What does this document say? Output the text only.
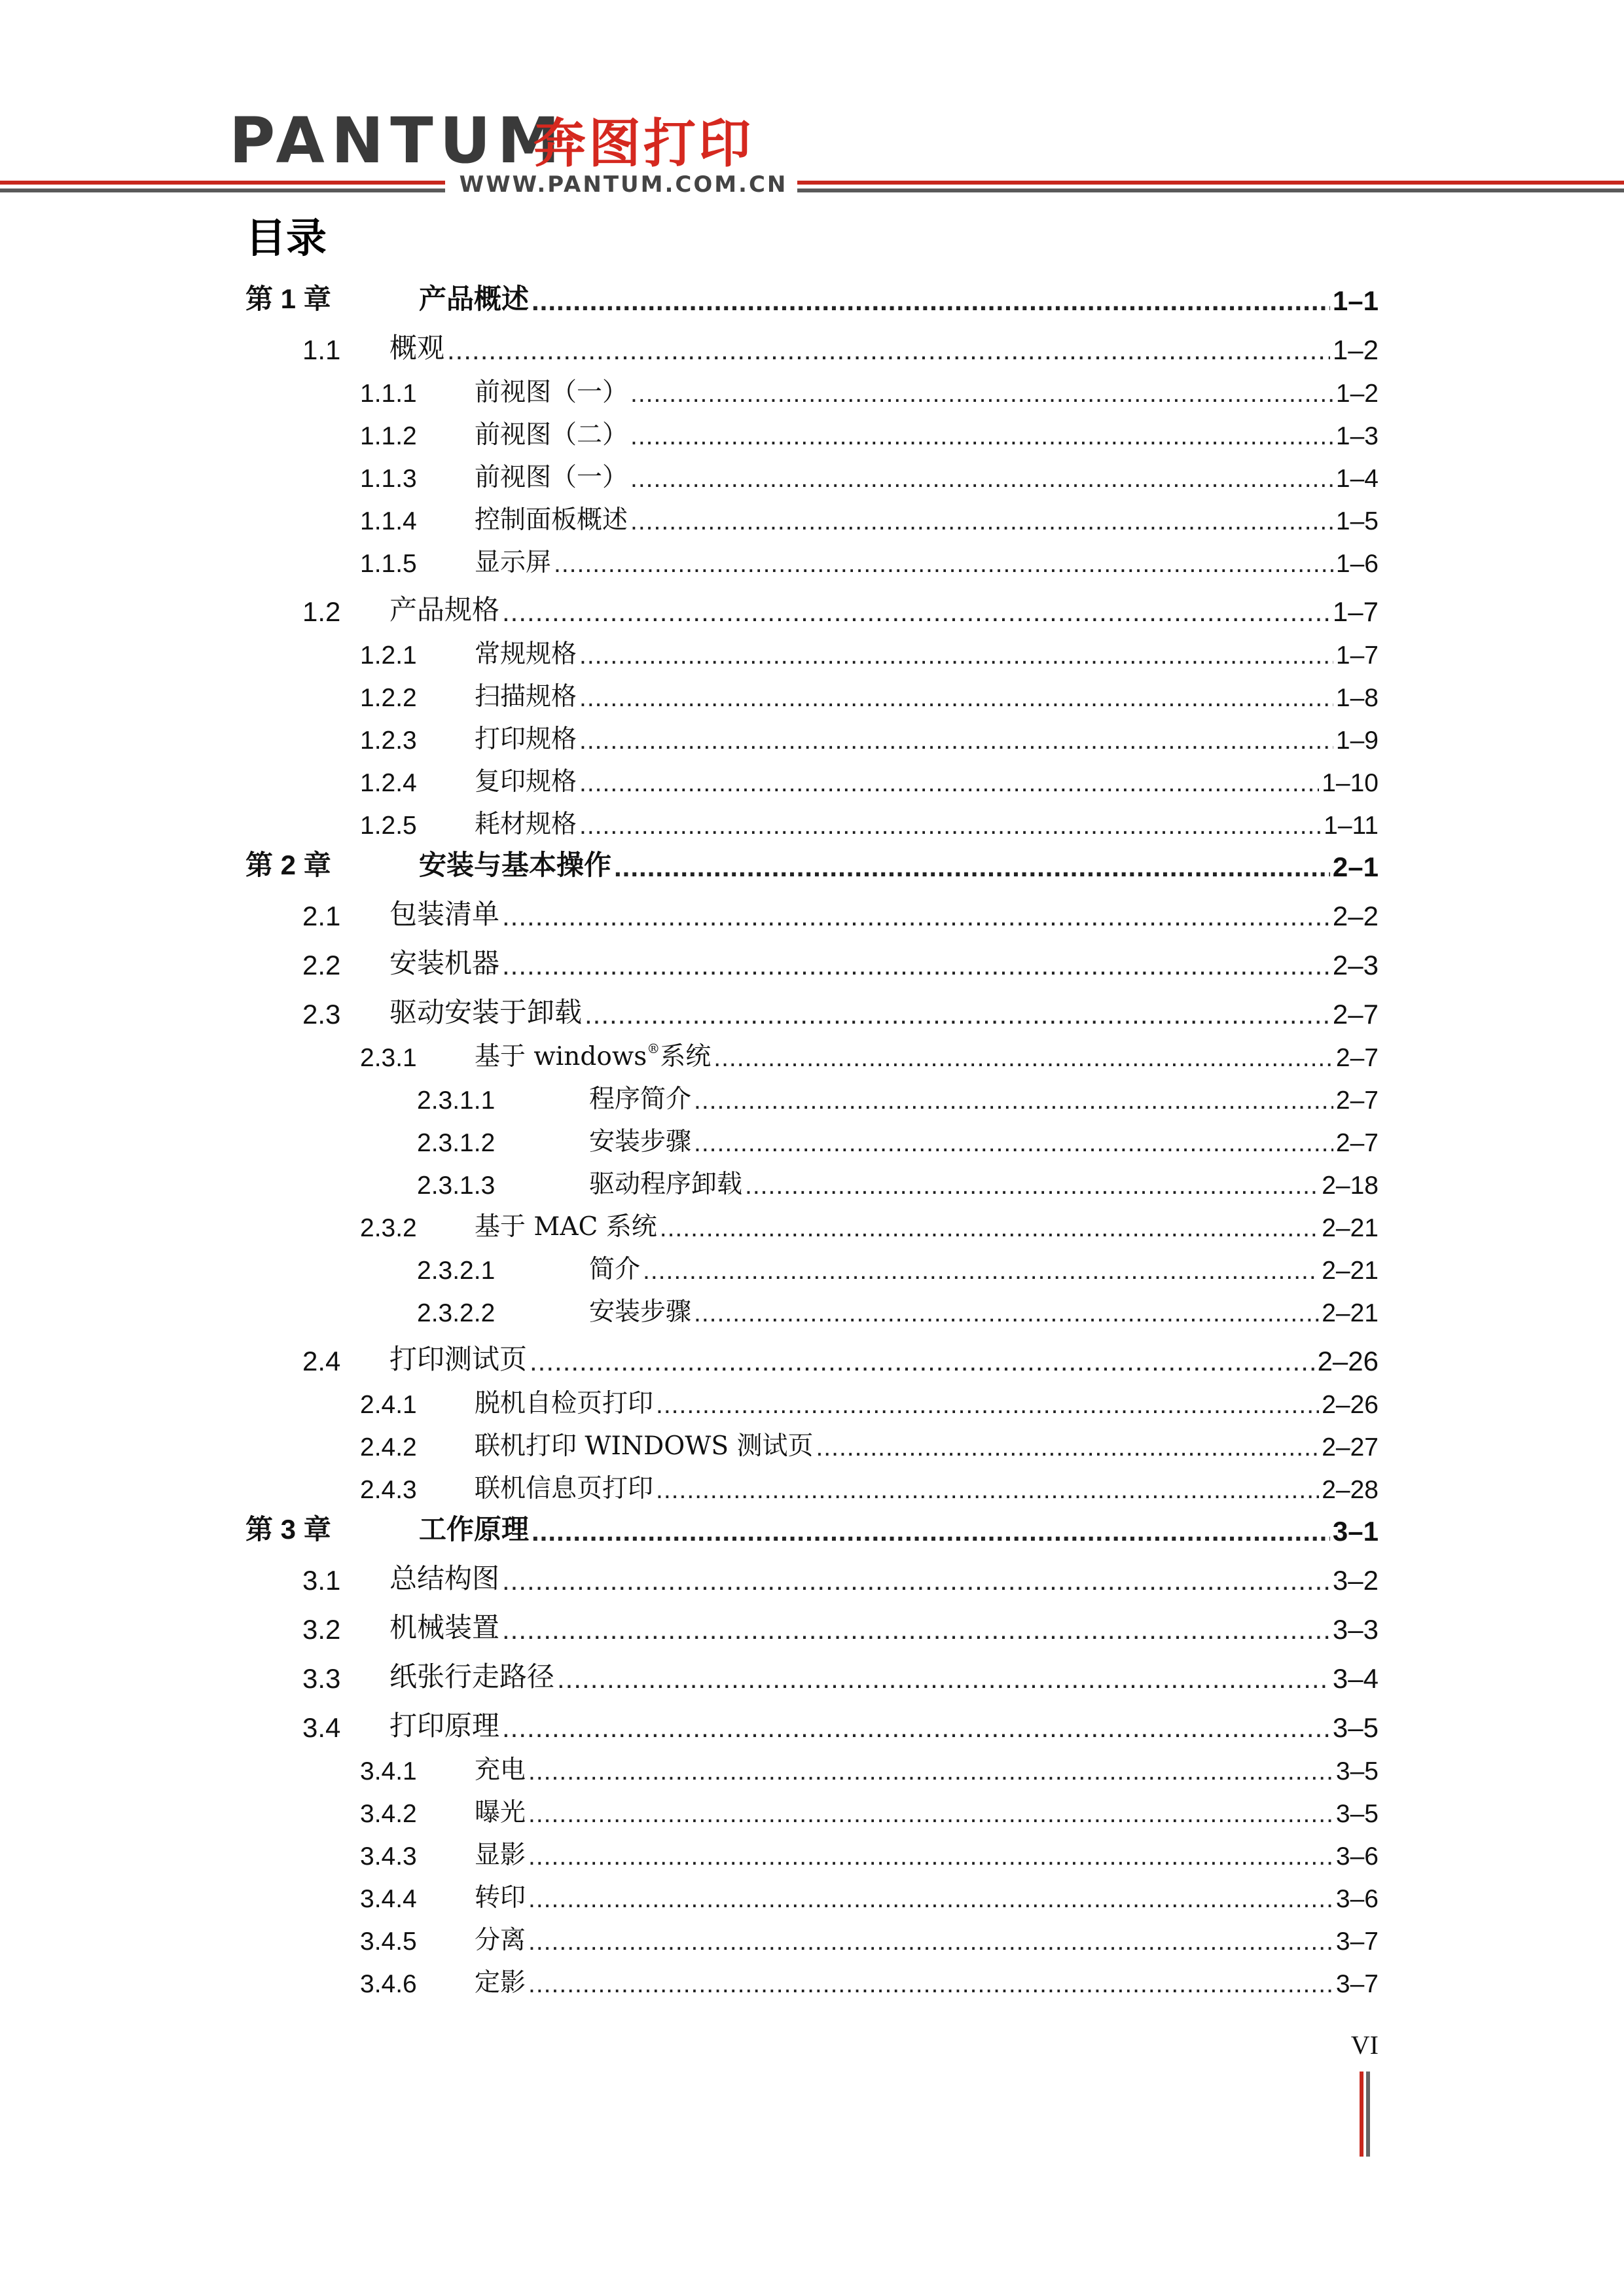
PANTUM
奔图打印
WWW.PANTUM.COM.CN
目录
第 1 章	产品概述 .....	1–1
1.1 概观 .....	1–2
1.1.1 前视图（一） .....	1–2
1.1.2 前视图（二） .....	1–3
1.1.3 前视图（一） .....	1–4
1.1.4 控制面板概述 .....	1–5
1.1.5 显示屏 .....	1–6
1.2 产品规格 .....	1–7
1.2.1 常规规格 .....	1–7
1.2.2 扫描规格 .....	1–8
1.2.3 打印规格 .....	1–9
1.2.4 复印规格 .....	1–10
1.2.5 耗材规格 .....	1–11
第 2 章	安装与基本操作 .....	2–1
2.1 包装清单 .....	2–2
2.2 安装机器 .....	2–3
2.3 驱动安装于卸载 .....	2–7
2.3.1 基于 windows®系统 .....	2–7
2.3.1.1	程序简介 .....	2–7
2.3.1.2	安装步骤 .....	2–7
2.3.1.3	驱动程序卸载 .....	2–18
2.3.2 基于 MAC 系统 .....	2–21
2.3.2.1	简介 .....	2–21
2.3.2.2	安装步骤 .....	2–21
2.4 打印测试页 .....	2–26
2.4.1 脱机自检页打印 .....	2–26
2.4.2 联机打印 WINDOWS 测试页 .....	2–27
2.4.3 联机信息页打印 .....	2–28
第 3 章	工作原理 .....	3–1
3.1 总结构图 .....	3–2
3.2 机械装置 .....	3–3
3.3 纸张行走路径 .....	3–4
3.4 打印原理 .....	3–5
3.4.1 充电 .....	3–5
3.4.2 曝光 .....	3–5
3.4.3 显影 .....	3–6
3.4.4 转印 .....	3–6
3.4.5 分离 .....	3–7
3.4.6 定影 .....	3–7
VI
